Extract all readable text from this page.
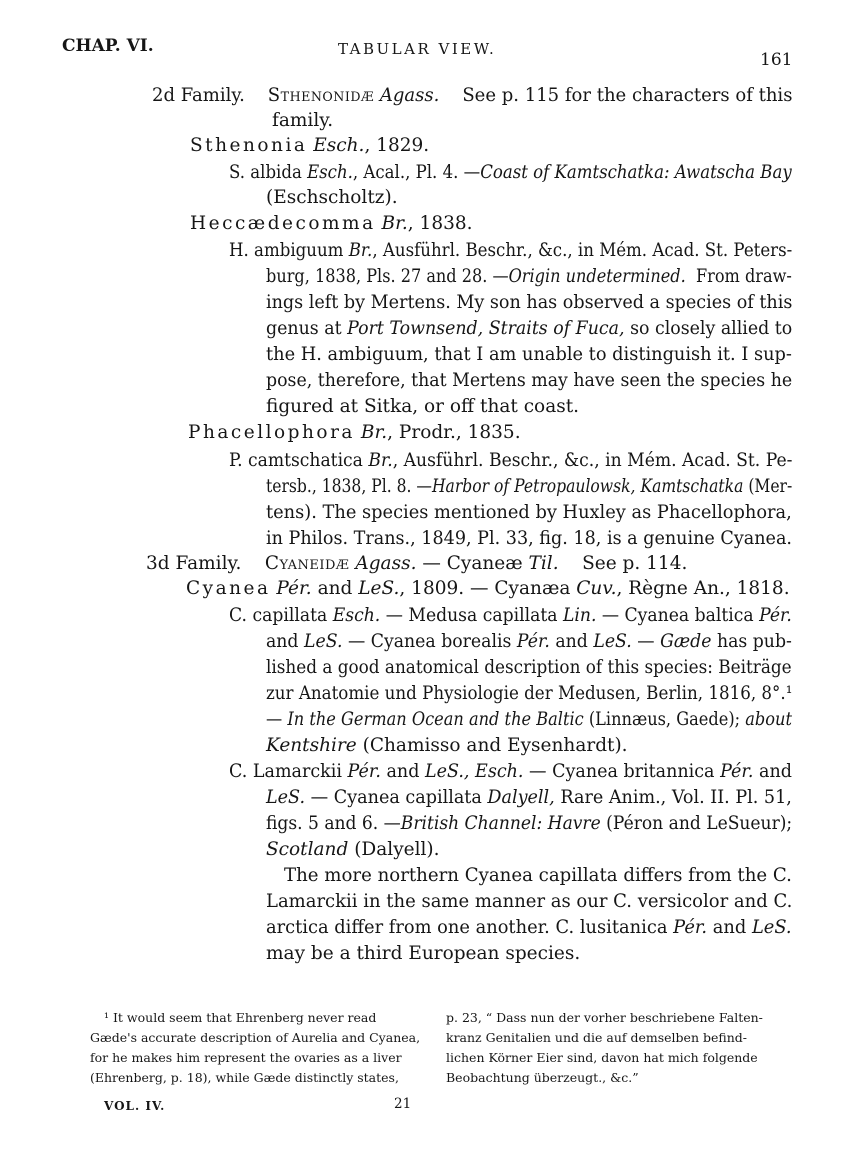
CHAP. VI.	TABULAR VIEW.
161
2d Family. Sthenonidæ Agass. See p. 115 for the characters of this
family.
Sthenonia Esch., 1829.
S. albida Esch., Acal., Pl. 4. —Coast of Kamtschatka: Awatscha Bay
(Eschscholtz).
Heccædecomma Br., 1838.
H. ambiguum Br., Ausführl. Beschr., &c., in Mém. Acad. St. Peters-
burg, 1838, Pls. 27 and 28. —Origin undetermined. From draw-
ings left by Mertens. My son has observed a species of this
genus at Port Townsend, Straits of Fuca, so closely allied to
the H. ambiguum, that I am unable to distinguish it. I sup-
pose, therefore, that Mertens may have seen the species he
figured at Sitka, or off that coast.
Phacellophora Br., Prodr., 1835.
P. camtschatica Br., Ausführl. Beschr., &c., in Mém. Acad. St. Pe-
tersb., 1838, Pl. 8. —Harbor of Petropaulowsk, Kamtschatka (Mer-
tens). The species mentioned by Huxley as Phacellophora,
in Philos. Trans., 1849, Pl. 33, fig. 18, is a genuine Cyanea.
3d Family. Cyaneidæ Agass. — Cyaneæ Til. See p. 114.
Cyanea Pér. and LeS., 1809. — Cyanæa Cuv., Règne An., 1818.
C. capillata Esch. — Medusa capillata Lin. — Cyanea baltica Pér.
and LeS. — Cyanea borealis Pér. and LeS. — Gæde has pub-
lished a good anatomical description of this species: Beiträge
zur Anatomie und Physiologie der Medusen, Berlin, 1816, 8°.¹
— In the German Ocean and the Baltic (Linnæus, Gaede); about
Kentshire (Chamisso and Eysenhardt).
C. Lamarckii Pér. and LeS., Esch. — Cyanea britannica Pér. and
LeS. — Cyanea capillata Dalyell, Rare Anim., Vol. II. Pl. 51,
figs. 5 and 6. —British Channel: Havre (Péron and LeSueur);
Scotland (Dalyell).
The more northern Cyanea capillata differs from the C.
Lamarckii in the same manner as our C. versicolor and C.
arctica differ from one another. C. lusitanica Pér. and LeS.
may be a third European species.
¹ It would seem that Ehrenberg never read
Gæde's accurate description of Aurelia and Cyanea,
for he makes him represent the ovaries as a liver
(Ehrenberg, p. 18), while Gæde distinctly states,
p. 23, “ Dass nun der vorher beschriebene Falten-
kranz Genitalien und die auf demselben befind-
lichen Körner Eier sind, davon hat mich folgende
Beobachtung überzeugt., &c.”
VOL. IV.	21
